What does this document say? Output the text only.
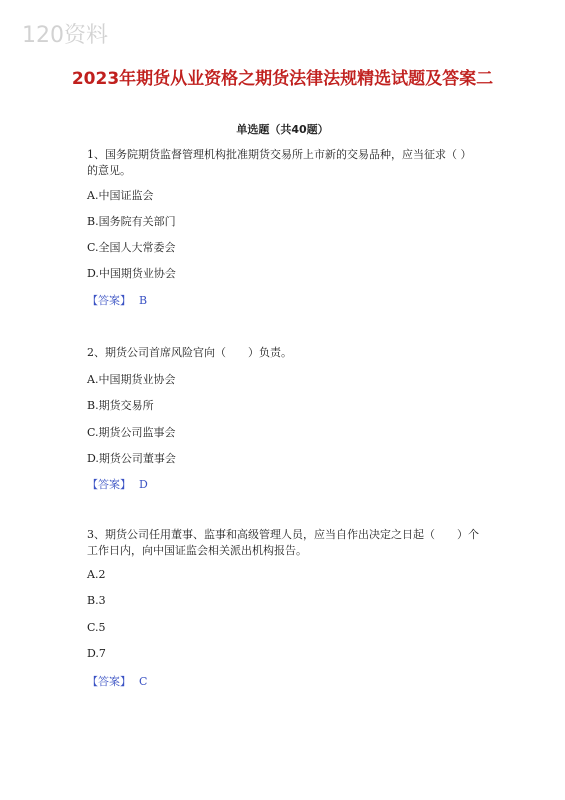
120资料
2023年期货从业资格之期货法律法规精选试题及答案二
单选题（共40题）
1、国务院期货监督管理机构批准期货交易所上市新的交易品种，应当征求（ ）的意见。
A.中国证监会
B.国务院有关部门
C.全国人大常委会
D.中国期货业协会
【答案】 B
2、期货公司首席风险官向（　　）负责。
A.中国期货业协会
B.期货交易所
C.期货公司监事会
D.期货公司董事会
【答案】 D
3、期货公司任用董事、监事和高级管理人员，应当自作出决定之日起（　　）个工作日内，向中国证监会相关派出机构报告。
A.2
B.3
C.5
D.7
【答案】 C
